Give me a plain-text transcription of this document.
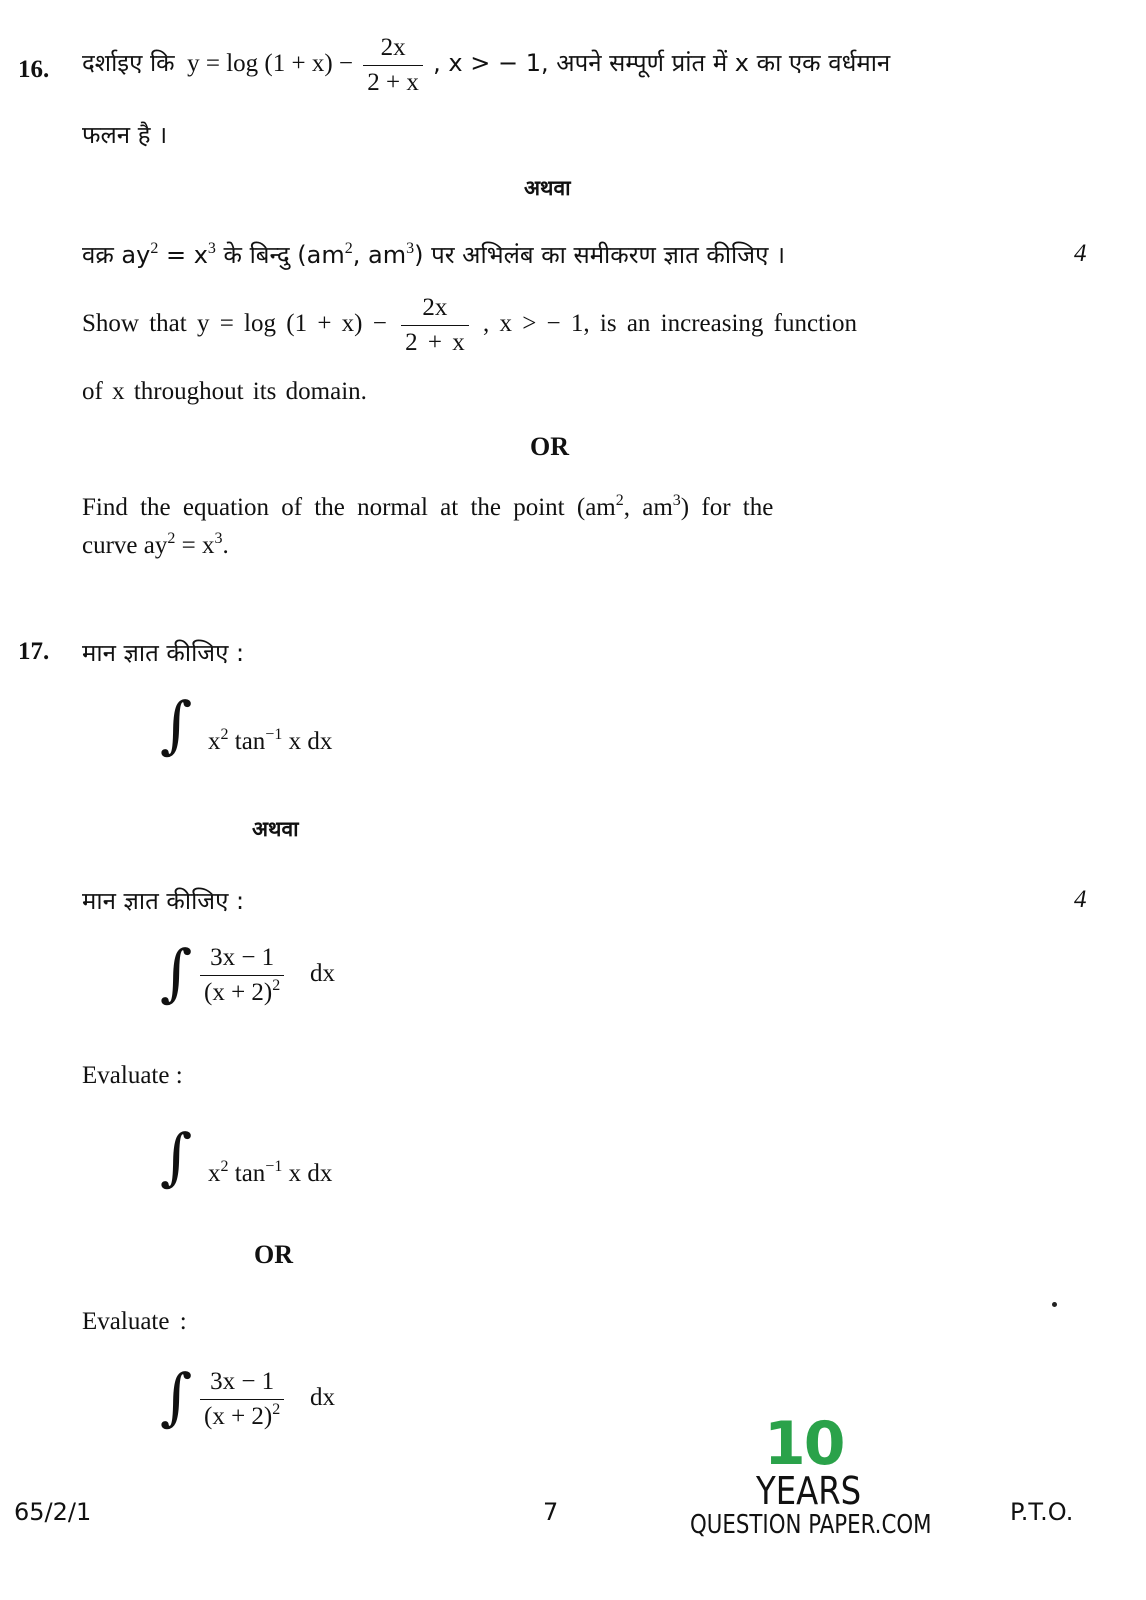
16. दर्शाइए कि $y = \log (1 + x) - \frac{2x}{2 + x}$ , x > − 1, अपने सम्पूर्ण प्रांत में x का एक वर्धमान
फलन है ।
अथवा
वक्र $ay^2 = x^3$ के बिन्दु ($am^2$, $am^3$) पर अभिलंब का समीकरण ज्ञात कीजिए ।	4
Show that $y = \log (1 + x) - \frac{2x}{2 + x}$ , x > − 1, is an increasing function
of x throughout its domain.
OR
Find the equation of the normal at the point ($am^2$, $am^3$) for the
curve $ay^2 = x^3$.
17. मान ज्ञात कीजिए :
∫ $x^2$ $\tan^{-1} x$ dx
अथवा
मान ज्ञात कीजिए :	4
∫ $\frac{3x - 1}{(x + 2)^2}$ dx
Evaluate :
∫ $x^2$ $\tan^{-1} x$ dx
OR
Evaluate :
∫ $\frac{3x - 1}{(x + 2)^2}$ dx
65/2/1	7	P.T.O.
10
YEARS
QUESTION PAPER.COM
